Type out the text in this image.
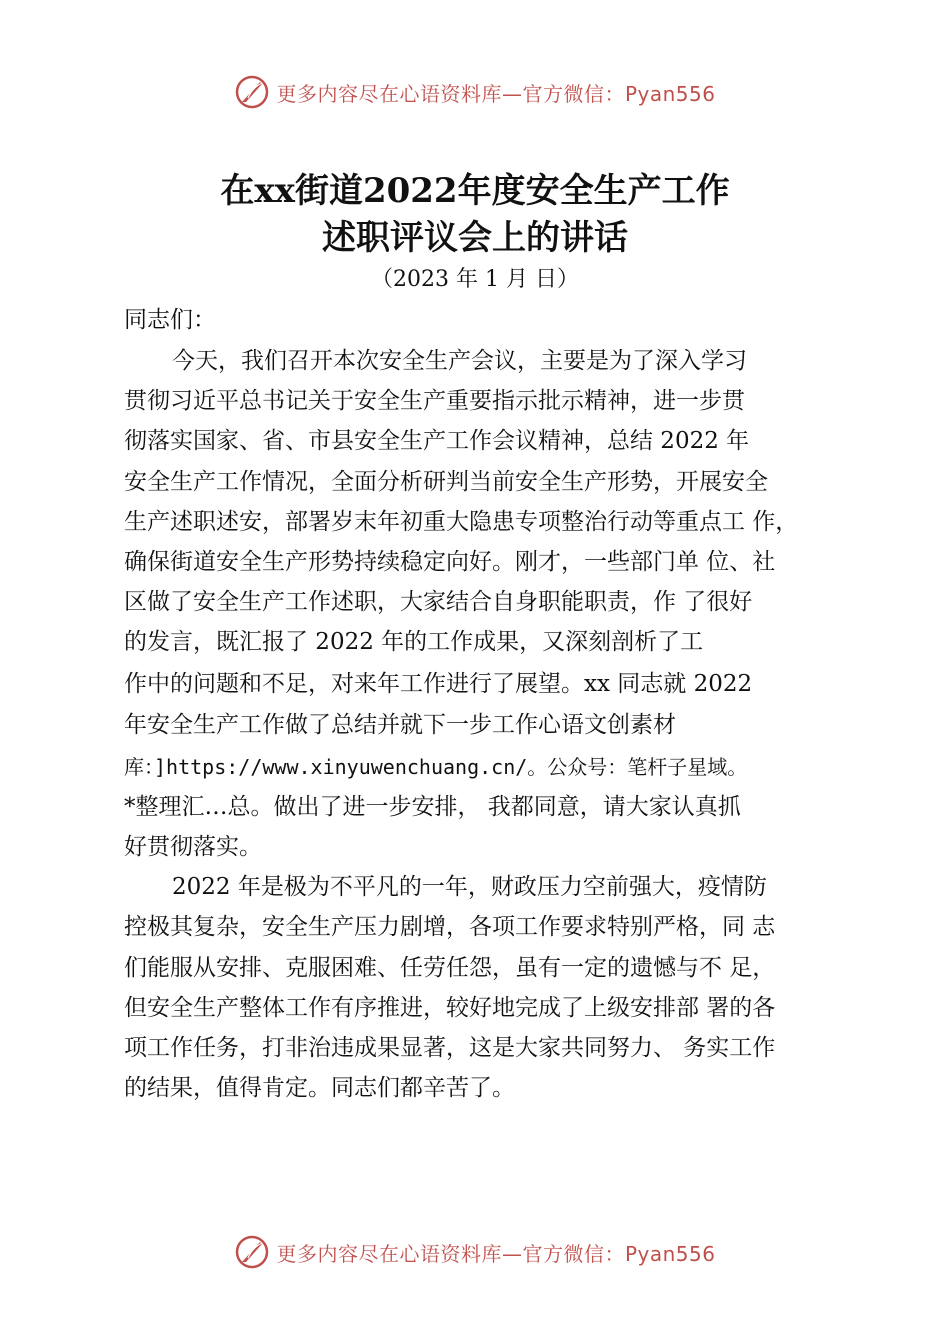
更多内容尽在心语资料库—官方微信：Pyan556
在xx街道2022年度安全生产工作
述职评议会上的讲话
（2023 年 1 月 日）
同志们：
今天，我们召开本次安全生产会议，主要是为了深入学习
贯彻习近平总书记关于安全生产重要指示批示精神，进一步贯
彻落实国家、省、市县安全生产工作会议精神，总结 2022 年
安全生产工作情况，全面分析研判当前安全生产形势，开展安全
生产述职述安，部署岁末年初重大隐患专项整治行动等重点工 作，
确保街道安全生产形势持续稳定向好。刚才，一些部门单 位、社
区做了安全生产工作述职，大家结合自身职能职责，作 了很好
的发言，既汇报了 2022 年的工作成果，又深刻剖析了工
作中的问题和不足，对来年工作进行了展望。xx 同志就 2022
年安全生产工作做了总结并就下一步工作心语文创素材
库：]https://www.xinyuwenchuang.cn/。公众号：笔杆子星域。
*整理汇…总。做出了进一步安排， 我都同意，请大家认真抓
好贯彻落实。
2022 年是极为不平凡的一年，财政压力空前强大，疫情防
控极其复杂，安全生产压力剧增，各项工作要求特别严格，同 志
们能服从安排、克服困难、任劳任怨，虽有一定的遗憾与不 足，
但安全生产整体工作有序推进，较好地完成了上级安排部 署的各
项工作任务，打非治违成果显著，这是大家共同努力、 务实工作
的结果，值得肯定。同志们都辛苦了。
更多内容尽在心语资料库—官方微信：Pyan556
